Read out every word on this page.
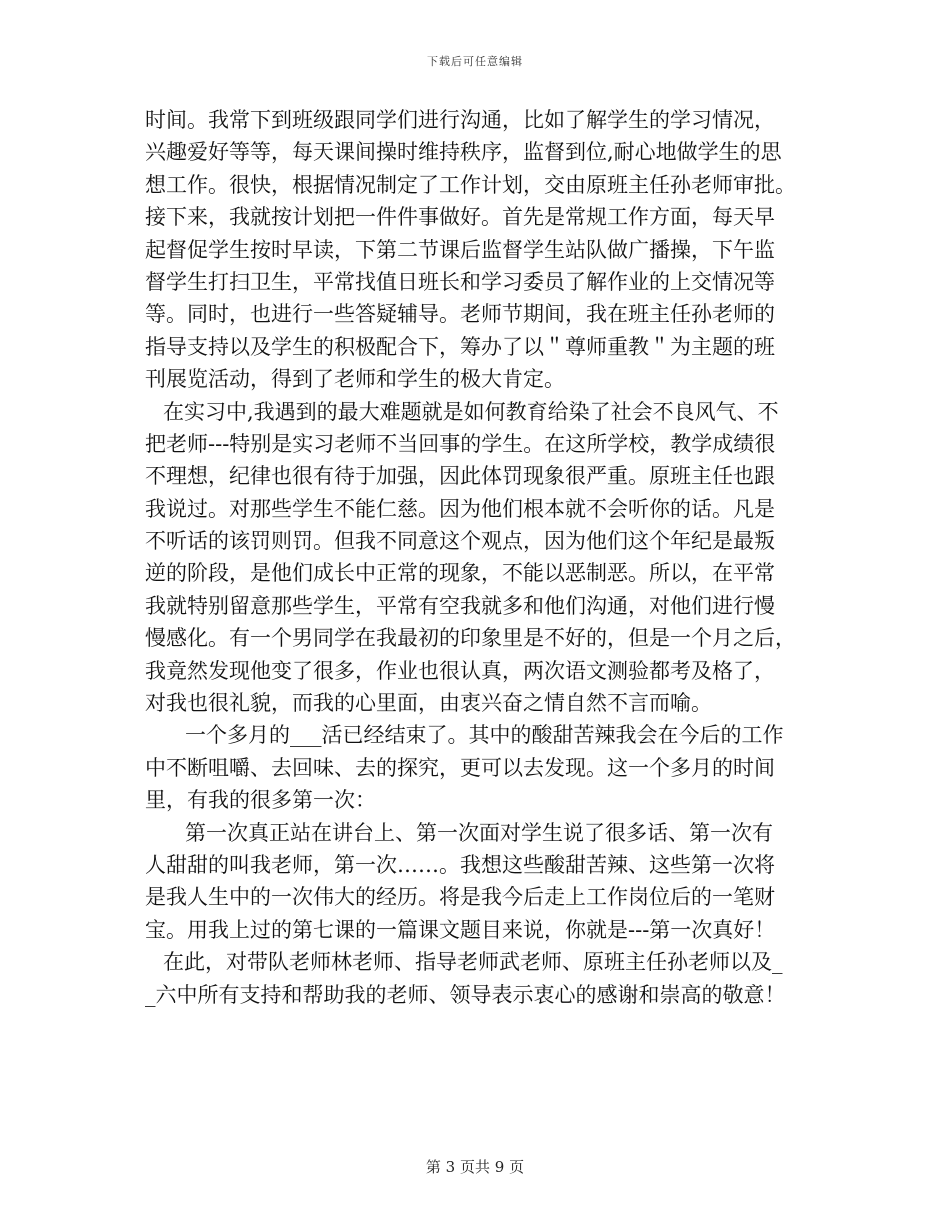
下载后可任意编辑
时间。我常下到班级跟同学们进行沟通，比如了解学生的学习情况，
兴趣爱好等等，每天课间操时维持秩序，监督到位,耐心地做学生的思
想工作。很快，根据情况制定了工作计划，交由原班主任孙老师审批。
接下来，我就按计划把一件件事做好。首先是常规工作方面，每天早
起督促学生按时早读，下第二节课后监督学生站队做广播操，下午监
督学生打扫卫生，平常找值日班长和学习委员了解作业的上交情况等
等。同时，也进行一些答疑辅导。老师节期间，我在班主任孙老师的
指导支持以及学生的积极配合下，筹办了以＂尊师重教＂为主题的班
刊展览活动，得到了老师和学生的极大肯定。
在实习中,我遇到的最大难题就是如何教育给染了社会不良风气、不
把老师---特别是实习老师不当回事的学生。在这所学校，教学成绩很
不理想，纪律也很有待于加强，因此体罚现象很严重。原班主任也跟
我说过。对那些学生不能仁慈。因为他们根本就不会听你的话。凡是
不听话的该罚则罚。但我不同意这个观点，因为他们这个年纪是最叛
逆的阶段，是他们成长中正常的现象，不能以恶制恶。所以，在平常
我就特别留意那些学生，平常有空我就多和他们沟通，对他们进行慢
慢感化。有一个男同学在我最初的印象里是不好的，但是一个月之后，
我竟然发现他变了很多，作业也很认真，两次语文测验都考及格了，
对我也很礼貌，而我的心里面，由衷兴奋之情自然不言而喻。
一个多月的___活已经结束了。其中的酸甜苦辣我会在今后的工作
中不断咀嚼、去回味、去的探究，更可以去发现。这一个多月的时间
里，有我的很多第一次：
第一次真正站在讲台上、第一次面对学生说了很多话、第一次有
人甜甜的叫我老师，第一次……。我想这些酸甜苦辣、这些第一次将
是我人生中的一次伟大的经历。将是我今后走上工作岗位后的一笔财
宝。用我上过的第七课的一篇课文题目来说，你就是---第一次真好！
在此，对带队老师林老师、指导老师武老师、原班主任孙老师以及_
_六中所有支持和帮助我的老师、领导表示衷心的感谢和崇高的敬意！
第 3 页共 9 页
